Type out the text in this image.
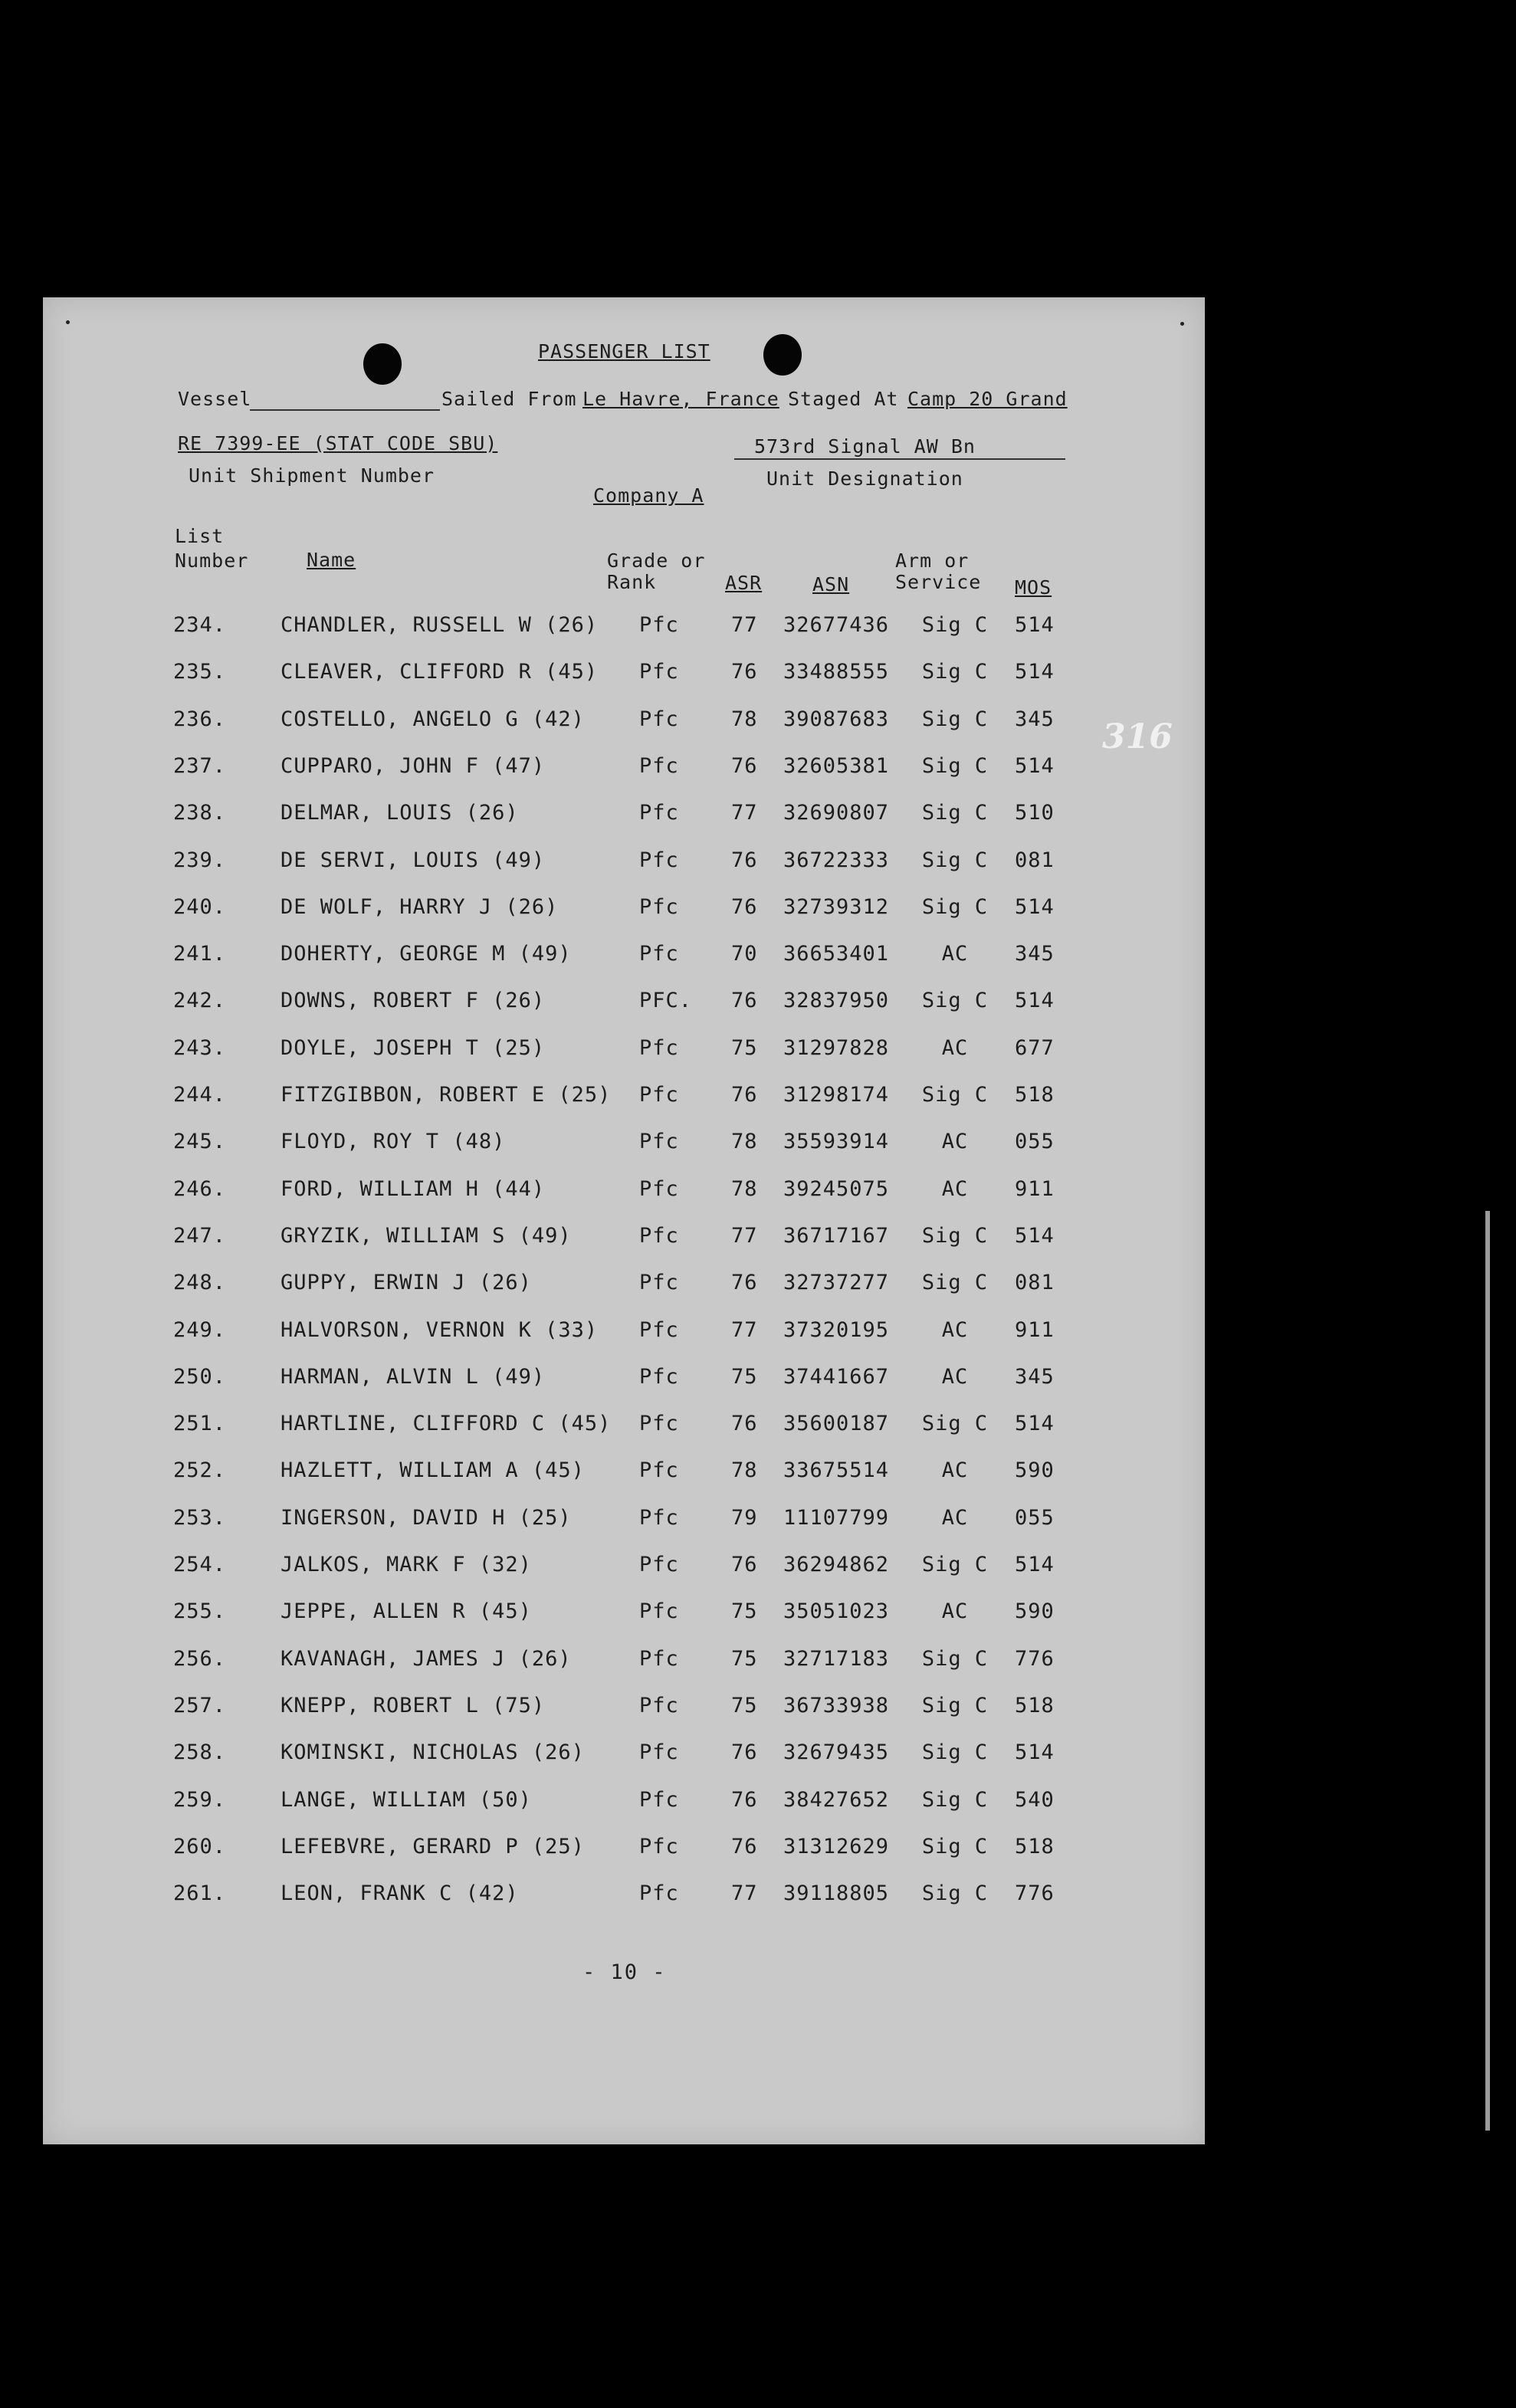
PASSENGER LIST
Vessel	Sailed From Le Havre, France Staged At Camp 20 Grand
RE 7399-EE (STAT CODE SBU)
Unit Shipment Number
573rd Signal AW Bn
Unit Designation
Company A
List Number	Name	Grade or Rank	ASR	ASN
Arm or Service	MOS
234.	CHANDLER, RUSSELL W (26) Pfc	77 32677436	Sig C	514
235.	CLEAVER, CLIFFORD R (45) Pfc	76 33488555	Sig C	514
236.	COSTELLO, ANGELO G (42)	Pfc	78 39087683	Sig C	345
237.	CUPPARO, JOHN F (47)	Pfc	76 32605381	Sig C	514
238.	DELMAR, LOUIS (26)	Pfc	77 32690807	Sig C	510
239.	DE SERVI, LOUIS (49)	Pfc	76 36722333	Sig C	081
240.	DE WOLF, HARRY J (26)	Pfc	76 32739312	Sig C	514
241.	DOHERTY, GEORGE M (49)	Pfc	70 36653401	AC	345
242.	DOWNS, ROBERT F (26)	PFC. 76 32837950	Sig C	514
243.	DOYLE, JOSEPH T (25)	Pfc	75 31297828	AC	677
244.	FITZGIBBON, ROBERT E (25) Pfc	76 31298174	Sig C	518
245.	FLOYD, ROY T (48)	Pfc	78 35593914	AC	055
246.	FORD, WILLIAM H (44)	Pfc	78 39245075	AC	911
247.	GRYZIK, WILLIAM S (49)	Pfc	77 36717167	Sig C	514
248.	GUPPY, ERWIN J (26)	Pfc	76 32737277	Sig C	081
249.	HALVORSON, VERNON K (33) Pfc	77 37320195	AC	911
250.	HARMAN, ALVIN L (49)	Pfc	75 37441667	AC	345
251.	HARTLINE, CLIFFORD C (45) Pfc	76 35600187	Sig C	514
252.	HAZLETT, WILLIAM A (45)	Pfc	78 33675514	AC	590
253.	INGERSON, DAVID H (25)	Pfc	79 11107799	AC	055
254.	JALKOS, MARK F (32)	Pfc	76 36294862	Sig C	514
255.	JEPPE, ALLEN R (45)	Pfc	75 35051023	AC	590
256.	KAVANAGH, JAMES J (26)	Pfc	75 32717183	Sig C	776
257.	KNEPP, ROBERT L (75)	Pfc	75 36733938	Sig C	518
258.	KOMINSKI, NICHOLAS (26)	Pfc	76 32679435	Sig C	514
259.	LANGE, WILLIAM (50)	Pfc	76 38427652	Sig C	540
260.	LEFEBVRE, GERARD P (25)	Pfc	76 31312629	Sig C	518
261.	LEON, FRANK C (42)	Pfc	77 39118805	Sig C	776
- 10 -
316
